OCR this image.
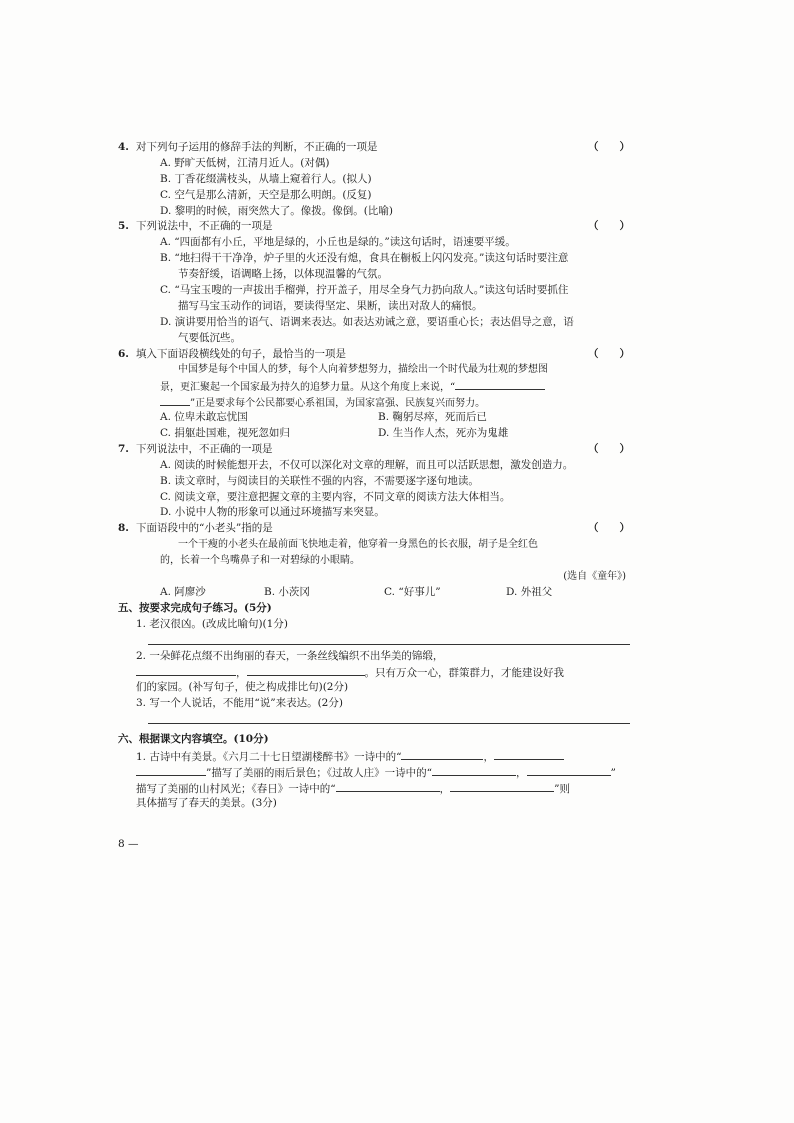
4. 对下列句子运用的修辞手法的判断，不正确的一项是	（　　）
A. 野旷天低树，江清月近人。(对偶)
B. 丁香花缀满枝头，从墙上窥着行人。(拟人)
C. 空气是那么清新，天空是那么明朗。(反复)
D. 黎明的时候，雨突然大了。像拨。像倒。(比喻)
5. 下列说法中，不正确的一项是	（　　）
A. “四面都有小丘，平地是绿的，小丘也是绿的。”读这句话时，语速要平缓。
B. “地扫得干干净净，炉子里的火还没有熄，食具在橱板上闪闪发亮。”读这句话时要注意
节奏舒缓，语调略上扬，以体现温馨的气氛。
C. “马宝玉嗖的一声拔出手榴弹，拧开盖子，用尽全身气力扔向敌人。”读这句话时要抓住
描写马宝玉动作的词语，要读得坚定、果断，读出对敌人的痛恨。
D. 演讲要用恰当的语气、语调来表达。如表达劝诫之意，要语重心长；表达倡导之意，语
气要低沉些。
6. 填入下面语段横线处的句子，最恰当的一项是	（　　）
中国梦是每个中国人的梦，每个人向着梦想努力，描绘出一个时代最为壮观的梦想图
景，更汇聚起一个国家最为持久的追梦力量。从这个角度上来说，“
”正是要求每个公民都要心系祖国，为国家富强、民族复兴而努力。
A. 位卑未敢忘忧国	B. 鞠躬尽瘁，死而后已
C. 捐躯赴国难，视死忽如归	D. 生当作人杰，死亦为鬼雄
7. 下列说法中，不正确的一项是	（　　）
A. 阅读的时候能想开去，不仅可以深化对文章的理解，而且可以活跃思想，激发创造力。
B. 读文章时，与阅读目的关联性不强的内容，不需要逐字逐句地读。
C. 阅读文章，要注意把握文章的主要内容，不同文章的阅读方法大体相当。
D. 小说中人物的形象可以通过环境描写来突显。
8. 下面语段中的“小老头”指的是	（　　）
一个干瘦的小老头在最前面飞快地走着，他穿着一身黑色的长衣服，胡子是全红色
的，长着一个鸟嘴鼻子和一对碧绿的小眼睛。
(选自《童年》)
A. 阿廖沙	B. 小茨冈	C. “好事儿”	D. 外祖父
五、按要求完成句子练习。(5分)
1. 老汉很凶。(改成比喻句)(1分)
2. 一朵鲜花点缀不出绚丽的春天，一条丝线编织不出华美的锦缎，
，	。只有万众一心，群策群力，才能建设好我
们的家园。(补写句子，使之构成排比句)(2分)
3. 写一个人说话，不能用“说”来表达。(2分)
六、根据课文内容填空。(10分)
1. 古诗中有美景。《六月二十七日望湖楼醉书》一诗中的“	，
”描写了美丽的雨后景色；《过故人庄》一诗中的“	，	”
描写了美丽的山村风光；《春日》一诗中的“	，	”则
具体描写了春天的美景。(3分)
8 —
